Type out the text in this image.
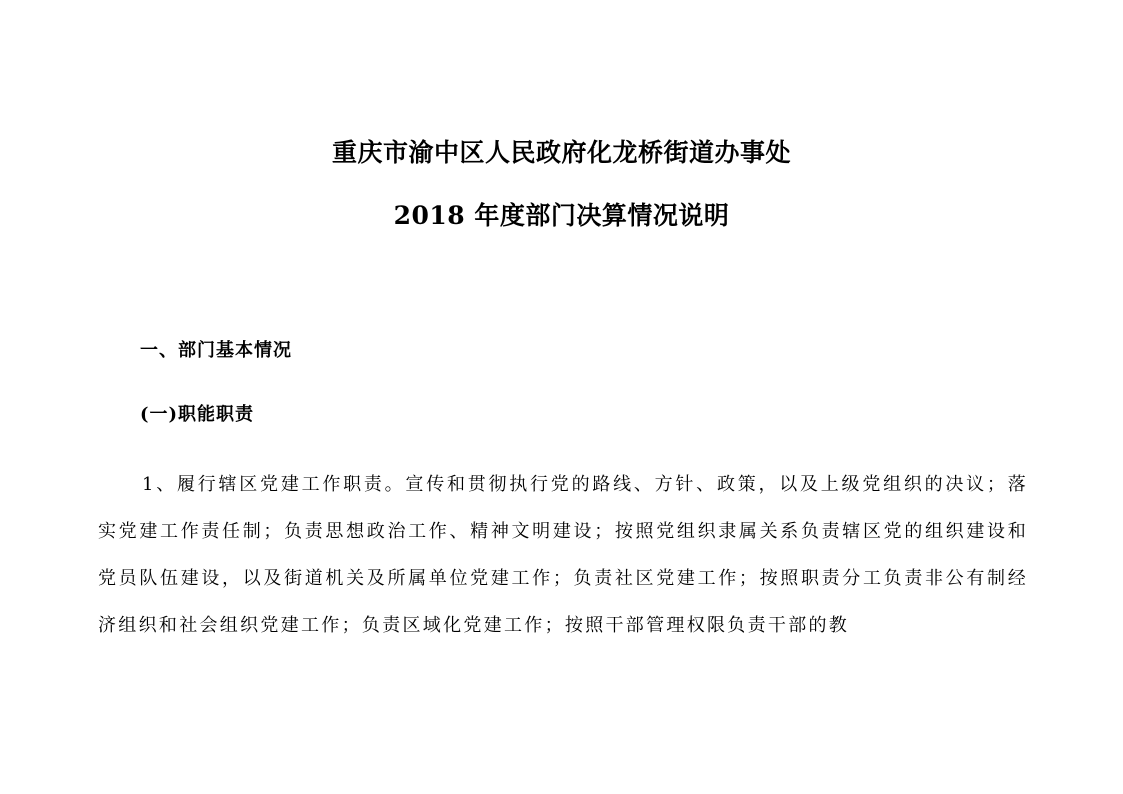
重庆市渝中区人民政府化龙桥街道办事处
2018 年度部门决算情况说明
一、部门基本情况
(一)职能职责

1、履行辖区党建工作职责。宣传和贯彻执行党的路线、方针、政策，以及上级党组织的决议；落实党建工作责任制；负责思想政治工作、精神文明建设；按照党组织隶属关系负责辖区党的组织建设和党员队伍建设，以及街道机关及所属单位党建工作；负责社区党建工作；按照职责分工负责非公有制经济组织和社会组织党建工作；负责区域化党建工作；按照干部管理权限负责干部的教
